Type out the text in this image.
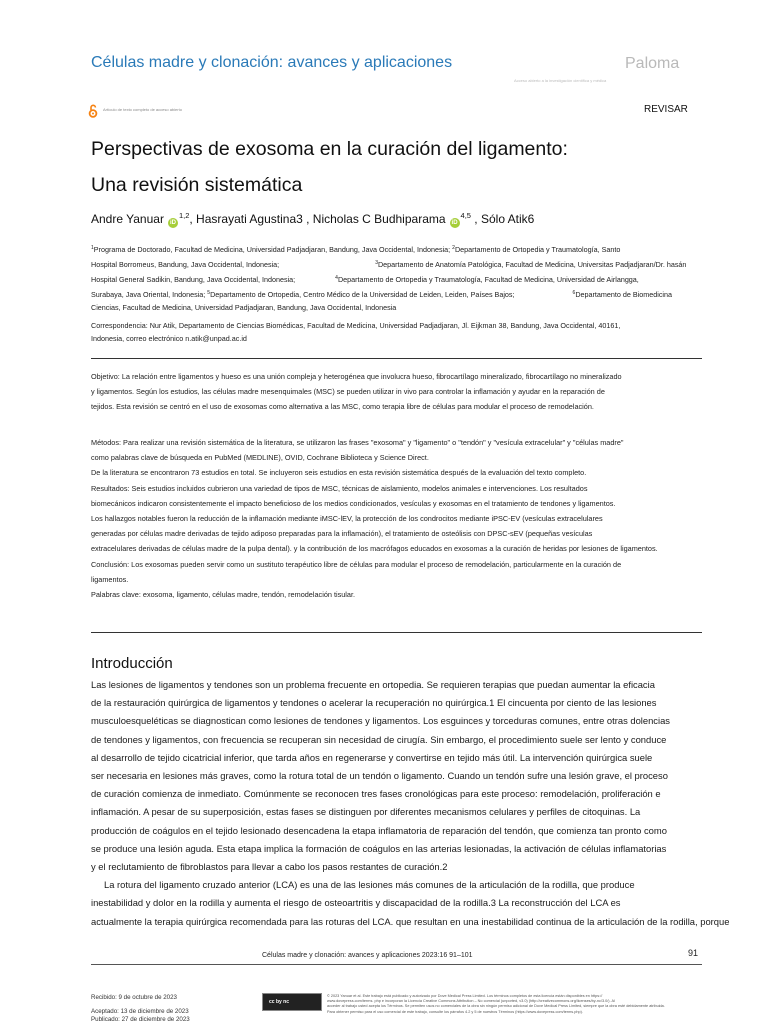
Células madre y clonación: avances y aplicaciones	Paloma
Acceso abierto a la investigación científica y médica
Artículo de texto completo de acceso abierto	REVISAR
Perspectivas de exosoma en la curación del ligamento:
Una revisión sistemática
Andre Yanuar iD$^{1,2}$, Hasrayati Agustina3 , Nicholas C Budhiparama iD$^{4,5}$ , Sólo Atik6
$^1$Programa de Doctorado, Facultad de Medicina, Universidad Padjadjaran, Bandung, Java Occidental, Indonesia; $^2$Departamento de Ortopedia y Traumatología, Santo
Hospital Borromeus, Bandung, Java Occidental, Indonesia;	$^3$Departamento de Anatomía Patológica, Facultad de Medicina, Universitas Padjadjaran/Dr. hasán
Hospital General Sadikin, Bandung, Java Occidental, Indonesia;	$^4$Departamento de Ortopedia y Traumatología, Facultad de Medicina, Universidad de Airlangga,
Surabaya, Java Oriental, Indonesia; $^5$Departamento de Ortopedia, Centro Médico de la Universidad de Leiden, Leiden, Países Bajos;	$^6$Departamento de Biomedicina
Ciencias, Facultad de Medicina, Universidad Padjadjaran, Bandung, Java Occidental, Indonesia
Correspondencia: Nur Atik, Departamento de Ciencias Biomédicas, Facultad de Medicina, Universidad Padjadjaran, Jl. Eijkman 38, Bandung, Java Occidental, 40161,
Indonesia, correo electrónico n.atik@unpad.ac.id
Objetivo: La relación entre ligamentos y hueso es una unión compleja y heterogénea que involucra hueso, fibrocartílago mineralizado, fibrocartílago no mineralizado
y ligamentos. Según los estudios, las células madre mesenquimales (MSC) se pueden utilizar in vivo para controlar la inflamación y ayudar en la reparación de
tejidos. Esta revisión se centró en el uso de exosomas como alternativa a las MSC, como terapia libre de células para modular el proceso de remodelación.
Métodos: Para realizar una revisión sistemática de la literatura, se utilizaron las frases "exosoma" y "ligamento" o "tendón" y "vesícula extracelular" y "células madre"
como palabras clave de búsqueda en PubMed (MEDLINE), OVID, Cochrane Biblioteca y Science Direct.
De la literatura se encontraron 73 estudios en total. Se incluyeron seis estudios en esta revisión sistemática después de la evaluación del texto completo.
Resultados: Seis estudios incluidos cubrieron una variedad de tipos de MSC, técnicas de aislamiento, modelos animales e intervenciones. Los resultados
biomecánicos indicaron consistentemente el impacto beneficioso de los medios condicionados, vesículas y exosomas en el tratamiento de tendones y ligamentos.
Los hallazgos notables fueron la reducción de la inflamación mediante iMSC-lEV, la protección de los condrocitos mediante iPSC-EV (vesículas extracelulares
generadas por células madre derivadas de tejido adiposo preparadas para la inflamación), el tratamiento de osteólisis con DPSC-sEV (pequeñas vesículas
extracelulares derivadas de células madre de la pulpa dental). y la contribución de los macrófagos educados en exosomas a la curación de heridas por lesiones de ligamentos.
Conclusión: Los exosomas pueden servir como un sustituto terapéutico libre de células para modular el proceso de remodelación, particularmente en la curación de
ligamentos.
Palabras clave: exosoma, ligamento, células madre, tendón, remodelación tisular.
Introducción
Las lesiones de ligamentos y tendones son un problema frecuente en ortopedia. Se requieren terapias que puedan aumentar la eficacia
de la restauración quirúrgica de ligamentos y tendones o acelerar la recuperación no quirúrgica.1 El cincuenta por ciento de las lesiones
musculoesqueléticas se diagnostican como lesiones de tendones y ligamentos. Los esguinces y torceduras comunes, entre otras dolencias
de tendones y ligamentos, con frecuencia se recuperan sin necesidad de cirugía. Sin embargo, el procedimiento suele ser lento y conduce
al desarrollo de tejido cicatricial inferior, que tarda años en regenerarse y convertirse en tejido más útil. La intervención quirúrgica suele
ser necesaria en lesiones más graves, como la rotura total de un tendón o ligamento. Cuando un tendón sufre una lesión grave, el proceso
de curación comienza de inmediato. Comúnmente se reconocen tres fases cronológicas para este proceso: remodelación, proliferación e
inflamación. A pesar de su superposición, estas fases se distinguen por diferentes mecanismos celulares y perfiles de citoquinas. La
producción de coágulos en el tejido lesionado desencadena la etapa inflamatoria de reparación del tendón, que comienza tan pronto como
se produce una lesión aguda. Esta etapa implica la formación de coágulos en las arterias lesionadas, la activación de células inflamatorias
y el reclutamiento de fibroblastos para llevar a cabo los pasos restantes de curación.2
La rotura del ligamento cruzado anterior (LCA) es una de las lesiones más comunes de la articulación de la rodilla, que produce
inestabilidad y dolor en la rodilla y aumenta el riesgo de osteoartritis y discapacidad de la rodilla.3 La reconstrucción del LCA es
actualmente la terapia quirúrgica recomendada para las roturas del LCA. que resultan en una inestabilidad continua de la articulación de la rodilla, porque
Células madre y clonación: avances y aplicaciones 2023:16 91–101	91
Recibido: 9 de octubre de 2023
Aceptado: 13 de diciembre de 2023
Publicado: 27 de diciembre de 2023
cc by nc
© 2023 Yanuar et al. Este trabajo está publicado y autorizado por Dove Medical Press Limited. Los términos completos de esta licencia están disponibles en https://
www.dovepress.com/terms. php e incorporan la Licencia Creative Commons Attribution – No comercial (unported, v3.0) (http://creativecommons.org/licenses/by-nc/3.0/). Al
acceder al trabajo usted acepta los Términos. Se permiten usos no comerciales de la obra sin ningún permiso adicional de Dove Medical Press Limited, siempre que la obra esté debidamente atribuida.
Para obtener permiso para el uso comercial de este trabajo, consulte los párrafos 4.2 y 5 de nuestros Términos (https://www.dovepress.com/terms.php).
